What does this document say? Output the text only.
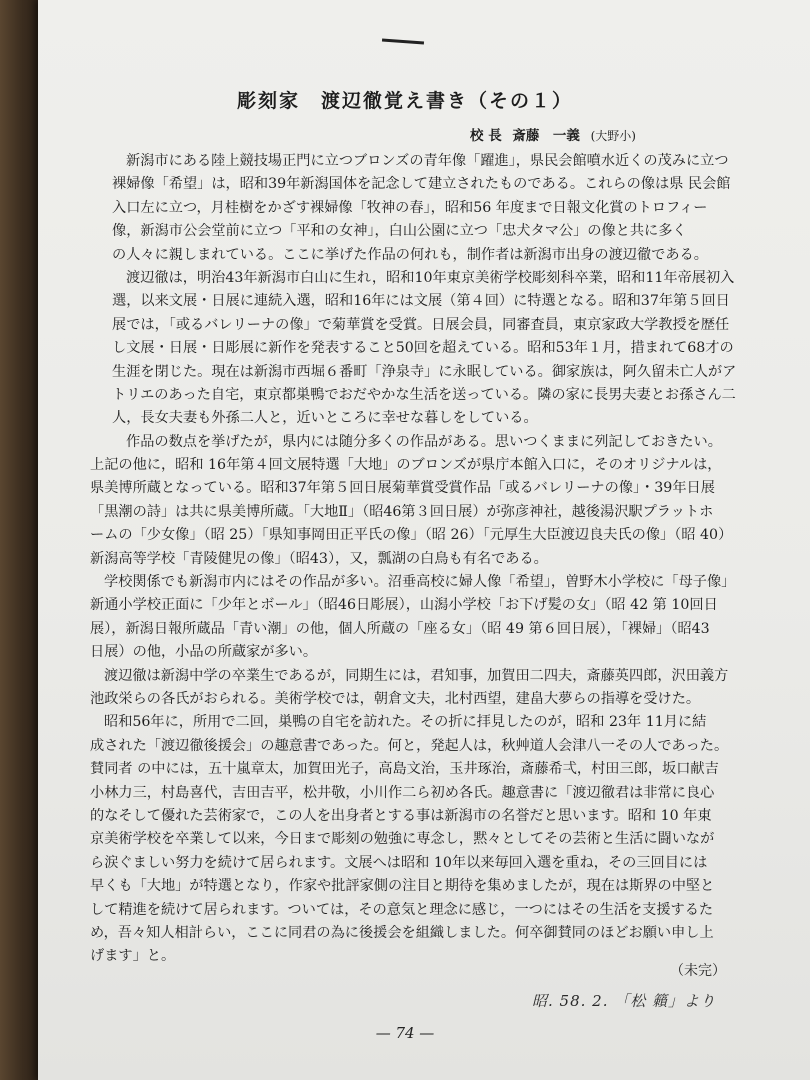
彫刻家　渡辺徹覚え書き（その１）
校 長 斎藤　一義 (大野小)
新潟市にある陸上競技場正門に立つブロンズの青年像「躍進」，県民会館噴水近くの茂みに立つ
裸婦像「希望」は，昭和39年新潟国体を記念して建立されたものである。これらの像は県 民会館
入口左に立つ，月桂樹をかざす裸婦像「牧神の春」，昭和56 年度まで日報文化賞のトロフィー
像，新潟市公会堂前に立つ「平和の女神」，白山公園に立つ「忠犬タマ公」の像と共に多く
の人々に親しまれている。ここに挙げた作品の何れも，制作者は新潟市出身の渡辺徹である。
渡辺徹は，明治43年新潟市白山に生れ，昭和10年東京美術学校彫刻科卒業，昭和11年帝展初入
選，以来文展・日展に連続入選，昭和16年には文展（第４回）に特選となる。昭和37年第５回日
展では，「或るバレリーナの像」で菊華賞を受賞。日展会員，同審査員，東京家政大学教授を歴任
し文展・日展・日彫展に新作を発表すること50回を超えている。昭和53年１月，措まれて68才の
生涯を閉じた。現在は新潟市西堀６番町「浄泉寺」に永眠している。御家族は，阿久留未亡人がア
トリエのあった自宅，東京都巣鴨でおだやかな生活を送っている。隣の家に長男夫妻とお孫さん二
人，長女夫妻も外孫二人と，近いところに幸せな暮しをしている。
作品の数点を挙げたが，県内には随分多くの作品がある。思いつくままに列記しておきたい。
上記の他に，昭和 16年第４回文展特選「大地」のブロンズが県庁本館入口に，そのオリジナルは，
県美博所蔵となっている。昭和37年第５回日展菊華賞受賞作品「或るバレリーナの像」・39年日展
「黒潮の詩」は共に県美博所蔵。「大地Ⅱ」（昭46第３回日展）が弥彦神社，越後湯沢駅プラットホ
ームの「少女像」（昭 25）「県知事岡田正平氏の像」（昭 26）「元厚生大臣渡辺良夫氏の像」（昭 40）
新潟高等学校「青陵健児の像」（昭43），又，瓢湖の白鳥も有名である。
学校関係でも新潟市内にはその作品が多い。沼垂高校に婦人像「希望」，曽野木小学校に「母子像」
新通小学校正面に「少年とボール」（昭46日彫展），山潟小学校「お下げ髪の女」（昭 42 第 10回日
展），新潟日報所蔵品「青い潮」の他，個人所蔵の「座る女」（昭 49 第６回日展），「裸婦」（昭43
日展）の他，小品の所蔵家が多い。
渡辺徹は新潟中学の卒業生であるが，同期生には，君知事，加賀田二四夫，斎藤英四郎，沢田義方
池政栄らの各氏がおられる。美術学校では，朝倉文夫，北村西望，建畠大夢らの指導を受けた。
昭和56年に，所用で二回，巣鴨の自宅を訪れた。その折に拝見したのが，昭和 23年 11月に結
成された「渡辺徹後援会」の趣意書であった。何と，発起人は，秋艸道人会津八一その人であった。
賛同者 の中には，五十嵐章太，加賀田光子，高島文治，玉井琢治，斎藤希弌，村田三郎，坂口献吉
小林力三，村島喜代，吉田吉平，松井敬，小川作二ら初め各氏。趣意書に「渡辺徹君は非常に良心
的なそして優れた芸術家で，この人を出身者とする事は新潟市の名誉だと思います。昭和 10 年東
京美術学校を卒業して以来，今日まで彫刻の勉強に専念し，黙々としてその芸術と生活に闘いなが
ら涙ぐましい努力を続けて居られます。文展へは昭和 10年以来毎回入選を重ね，その三回目には
早くも「大地」が特選となり，作家や批評家側の注目と期待を集めましたが，現在は斯界の中堅と
して精進を続けて居られます。ついては，その意気と理念に感じ，一つにはその生活を支援するた
め，吾々知人相計らい，ここに同君の為に後援会を組織しました。何卒御賛同のほどお願い申し上
げます」と。
（未完）
昭. 58. 2. 「松 籟」より
— 74 —
